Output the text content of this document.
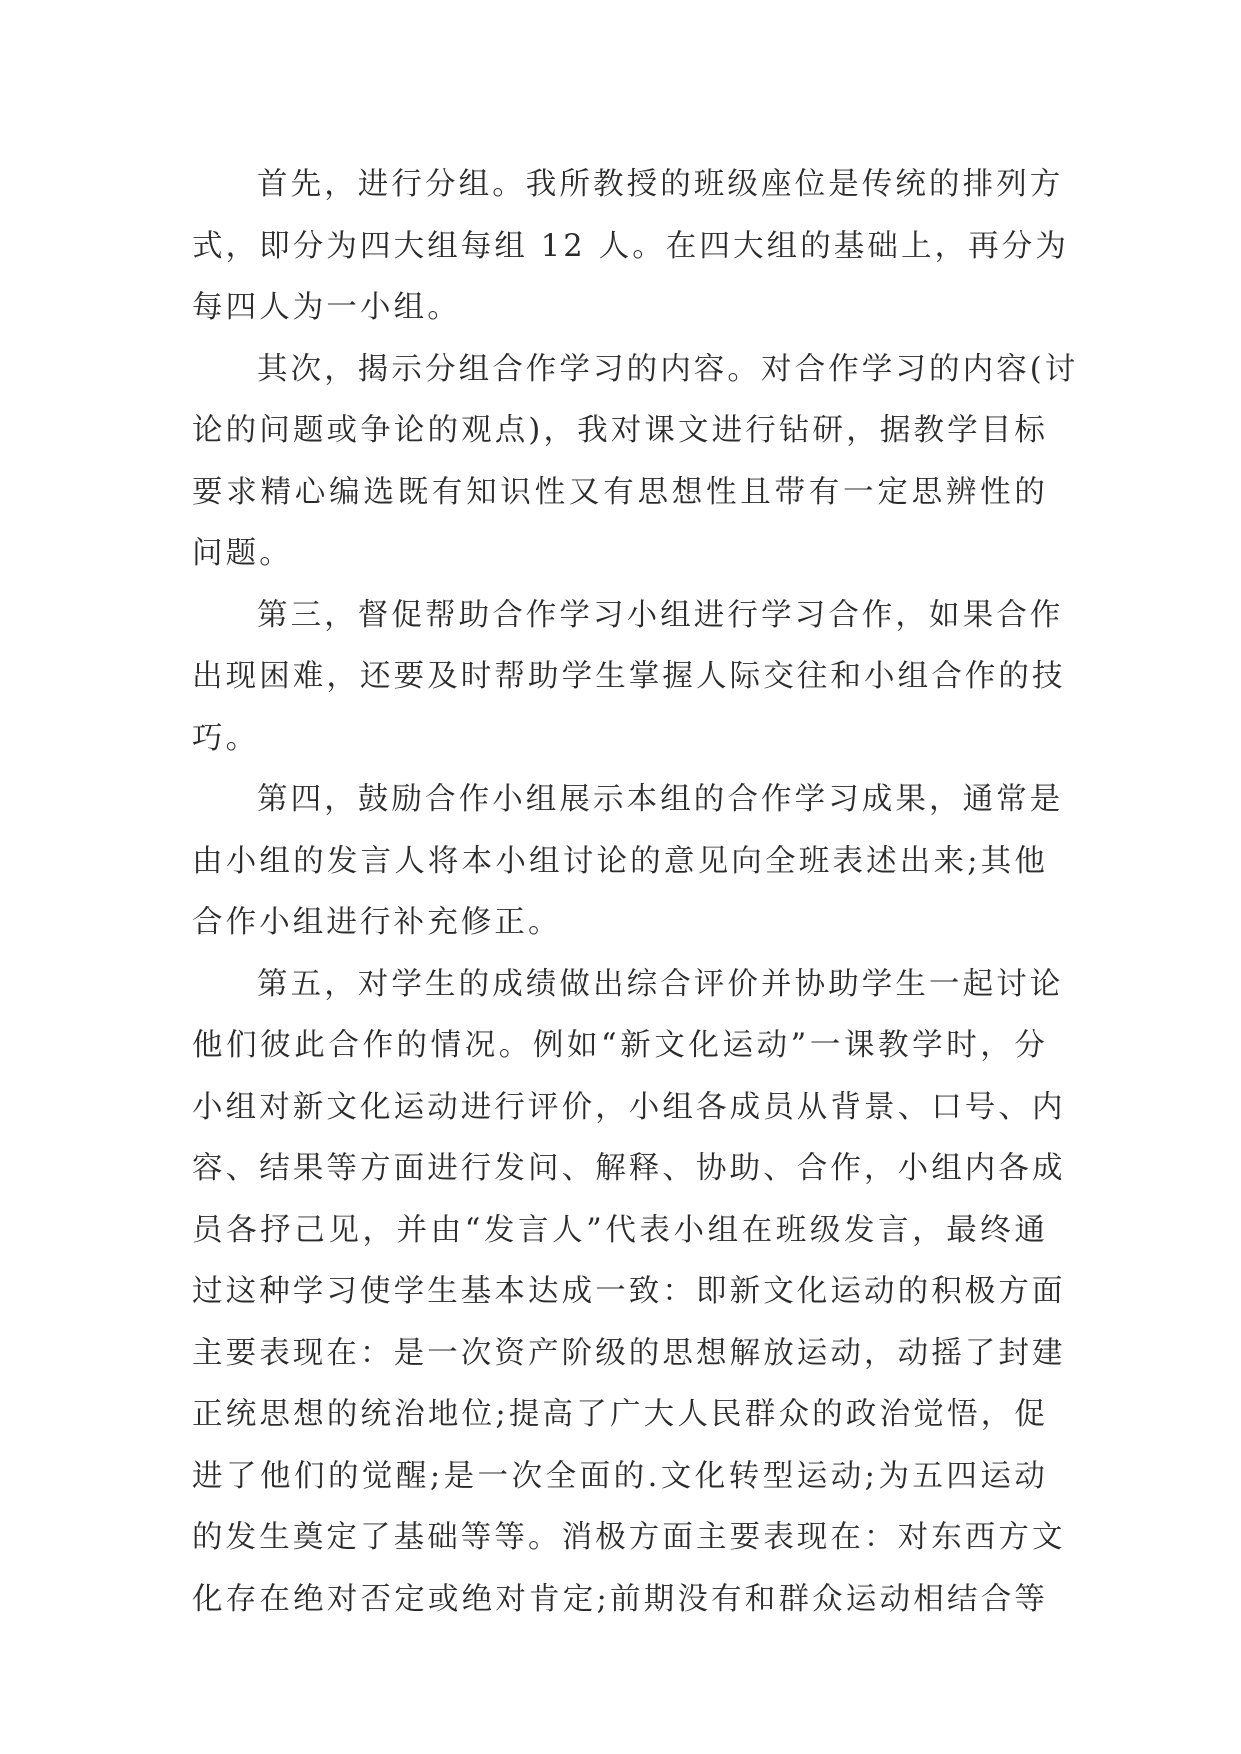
首先，进行分组。我所教授的班级座位是传统的排列方
式，即分为四大组每组 12 人。在四大组的基础上，再分为
每四人为一小组。
其次，揭示分组合作学习的内容。对合作学习的内容(讨
论的问题或争论的观点)，我对课文进行钻研，据教学目标
要求精心编选既有知识性又有思想性且带有一定思辨性的
问题。
第三，督促帮助合作学习小组进行学习合作，如果合作
出现困难，还要及时帮助学生掌握人际交往和小组合作的技
巧。
第四，鼓励合作小组展示本组的合作学习成果，通常是
由小组的发言人将本小组讨论的意见向全班表述出来;其他
合作小组进行补充修正。
第五，对学生的成绩做出综合评价并协助学生一起讨论
他们彼此合作的情况。例如“新文化运动”一课教学时，分
小组对新文化运动进行评价，小组各成员从背景、口号、内
容、结果等方面进行发问、解释、协助、合作，小组内各成
员各抒己见，并由“发言人”代表小组在班级发言，最终通
过这种学习使学生基本达成一致：即新文化运动的积极方面
主要表现在：是一次资产阶级的思想解放运动，动摇了封建
正统思想的统治地位;提高了广大人民群众的政治觉悟，促
进了他们的觉醒;是一次全面的.文化转型运动;为五四运动
的发生奠定了基础等等。消极方面主要表现在：对东西方文
化存在绝对否定或绝对肯定;前期没有和群众运动相结合等
